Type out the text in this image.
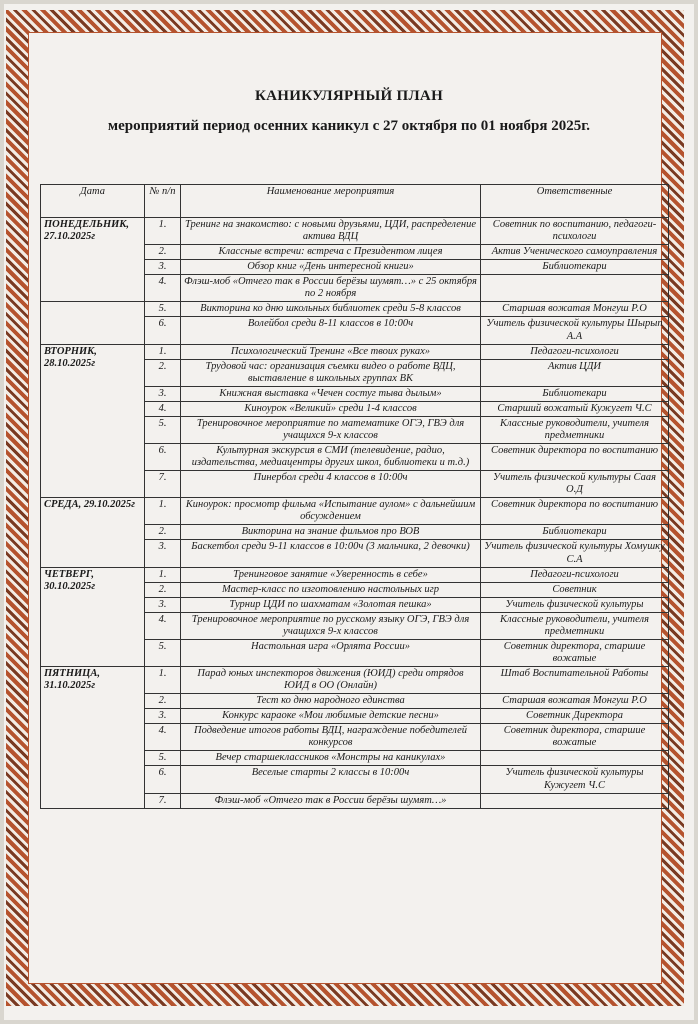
КАНИКУЛЯРНЫЙ ПЛАН
мероприятий период осенних каникул с 27 октября по 01 ноября 2025г.
Дата	№ п/п	Наименование мероприятия	Ответственные
ПОНЕДЕЛЬНИК, 27.10.2025г	1.	Тренинг на знакомство: с новыми друзьями, ЦДИ, распределение актива ВДЦ	Советник по воспитанию, педагоги-психологи
	2.	Классные встречи: встреча с Президентом лицея	Актив Ученического самоуправления
	3.	Обзор книг «День интересной книги»	Библиотекари
	4.	Флэш-моб «Отчего так в России берёзы шумят…» с 25 октября по 2 ноября	
	5.	Викторина ко дню школьных библиотек среди 5-8 классов	Старшая вожатая Монгуш Р.О
	6.	Волейбол среди 8-11 классов в 10:00ч	Учитель физической культуры Шырып А.А
ВТОРНИК, 28.10.2025г	1.	Психологический Тренинг «Все твоих руках»	Педагоги-психологи
	2.	Трудовой час: организация съемки видео о работе ВДЦ, выставление в школьных группах ВК	Актив ЦДИ
	3.	Книжная выставка «Чечен состуг тыва дылым»	Библиотекари
	4.	Киноурок «Великий» среди 1-4 классов	Старший вожатый Кужугет Ч.С
	5.	Тренировочное мероприятие по математике ОГЭ, ГВЭ для учащихся 9-х классов	Классные руководители, учителя предметники
	6.	Культурная экскурсия в СМИ (телевидение, радио, издательства, медиацентры других школ, библиотеки и т.д.)	Советник директора по воспитанию
	7.	Пинербол среди 4 классов в 10:00ч	Учитель физической культуры Саая О.Д
СРЕДА, 29.10.2025г	1.	Киноурок: просмотр фильма «Испытание аулом» с дальнейшим обсуждением	Советник директора по воспитанию
	2.	Викторина на знание фильмов про ВОВ	Библиотекари
	3.	Баскетбол среди 9-11 классов в 10:00ч (3 мальчика, 2 девочки)	Учитель физической культуры Хомушку С.А
ЧЕТВЕРГ, 30.10.2025г	1.	Тренинговое занятие «Уверенность в себе»	Педагоги-психологи
	2.	Мастер-класс по изготовлению настольных игр	Советник
	3.	Турнир ЦДИ по шахматам «Золотая пешка»	Учитель физической культуры
	4.	Тренировочное мероприятие по русскому языку ОГЭ, ГВЭ для учащихся 9-х классов	Классные руководители, учителя предметники
	5.	Настольная игра «Орлята России»	Советник директора, старшие вожатые
ПЯТНИЦА, 31.10.2025г	1.	Парад юных инспекторов движения (ЮИД) среди отрядов ЮИД в ОО (Онлайн)	Штаб Воспитательной Работы
	2.	Тест ко дню народного единства	Старшая вожатая Монгуш Р.О
	3.	Конкурс караоке «Мои любимые детские песни»	Советник Директора
	4.	Подведение итогов работы ВДЦ, награждение победителей конкурсов	Советник директора, старшие вожатые
	5.	Вечер старшеклассников «Монстры на каникулах»	
	6.	Веселые старты 2 классы в 10:00ч	Учитель физической культуры Кужугет Ч.С
	7.	Флэш-моб «Отчего так в России берёзы шумят…»	
